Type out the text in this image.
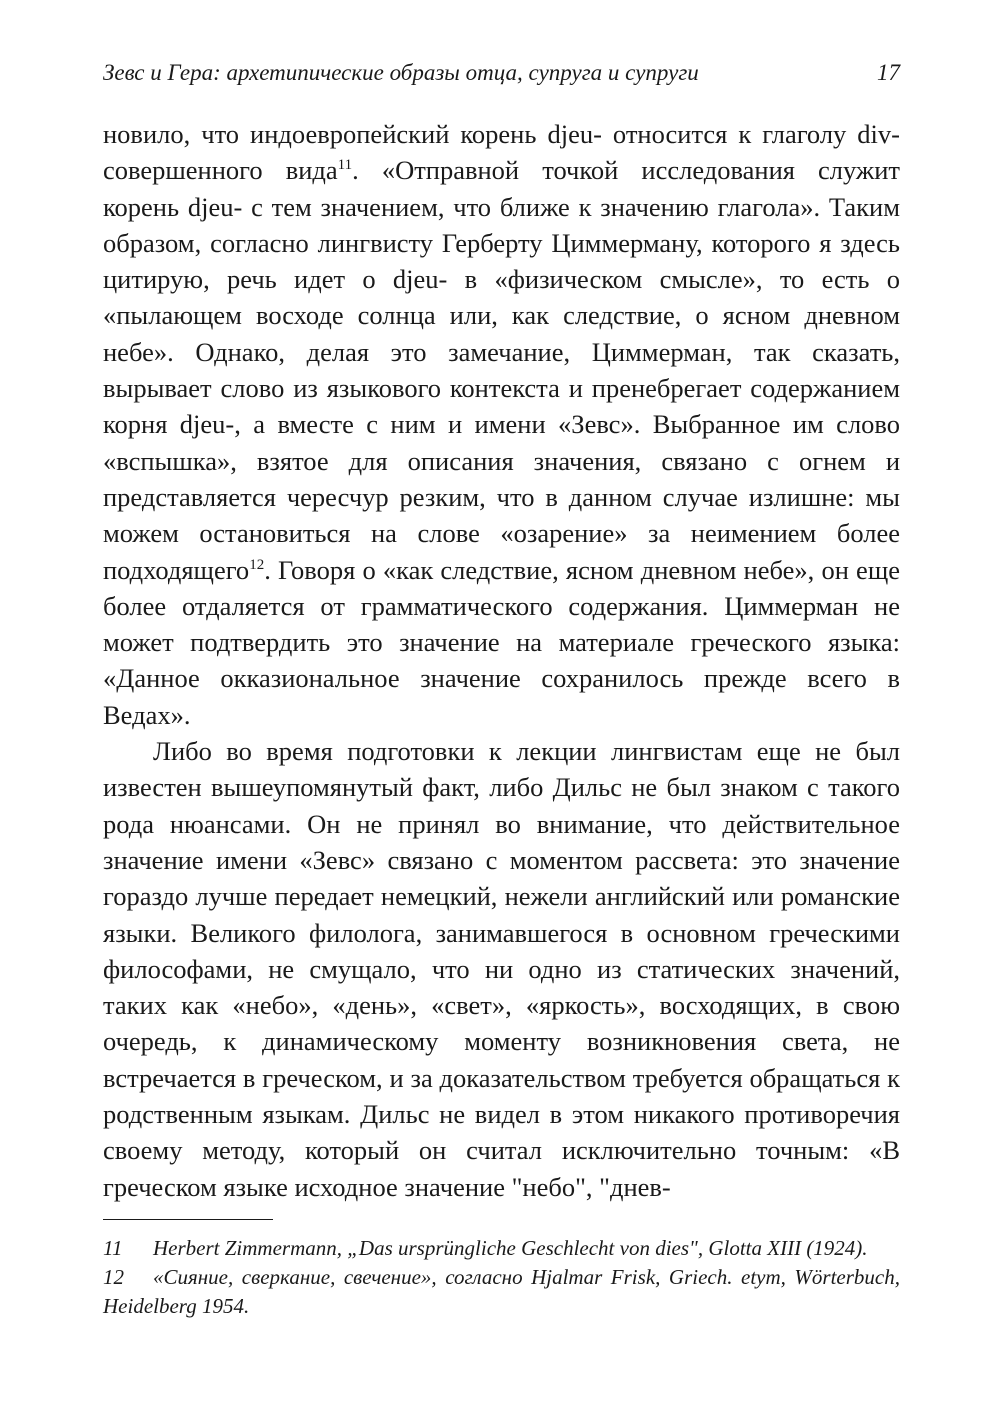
Зевс и Гера: архетипические образы отца, супруга и супруги	17

новило, что индоевропейский корень djeu- относится к глаголу div- совершенного вида$^{11}$. «Отправной точкой исследования служит корень djeu- с тем значением, что ближе к значению глагола». Таким образом, согласно лингвисту Герберту Циммерману, которого я здесь цитирую, речь идет о djeu- в «физическом смысле», то есть о «пылающем восходе солнца или, как следствие, о ясном дневном небе». Однако, делая это замечание, Циммерман, так сказать, вырывает слово из языкового контекста и пренебрегает содержанием корня djeu-, а вместе с ним и имени «Зевс». Выбранное им слово «вспышка», взятое для описания значения, связано с огнем и представляется чересчур резким, что в данном случае излишне: мы можем остановиться на слове «озарение» за неимением более подходящего$^{12}$. Говоря о «как следствие, ясном дневном небе», он еще более отдаляется от грамматического содержания. Циммерман не может подтвердить это значение на материале греческого языка: «Данное окказиональное значение сохранилось прежде всего в Ведах».

Либо во время подготовки к лекции лингвистам еще не был известен вышеупомянутый факт, либо Дильс не был знаком с такого рода нюансами. Он не принял во внимание, что действительное значение имени «Зевс» связано с моментом рассвета: это значение гораздо лучше передает немецкий, нежели английский или романские языки. Великого филолога, занимавшегося в основном греческими философами, не смущало, что ни одно из статических значений, таких как «небо», «день», «свет», «яркость», восходящих, в свою очередь, к динамическому моменту возникновения света, не встречается в греческом, и за доказательством требуется обращаться к родственным языкам. Дильс не видел в этом никакого противоречия своему методу, который он считал исключительно точным: «В греческом языке исходное значение "небо", "днев-

11 Herbert Zimmermann, „Das ursprüngliche Geschlecht von dies", Glotta XIII (1924).

12 «Сияние, сверкание, свечение», согласно Hjalmar Frisk, Griech. etym, Wörterbuch, Heidelberg 1954.
